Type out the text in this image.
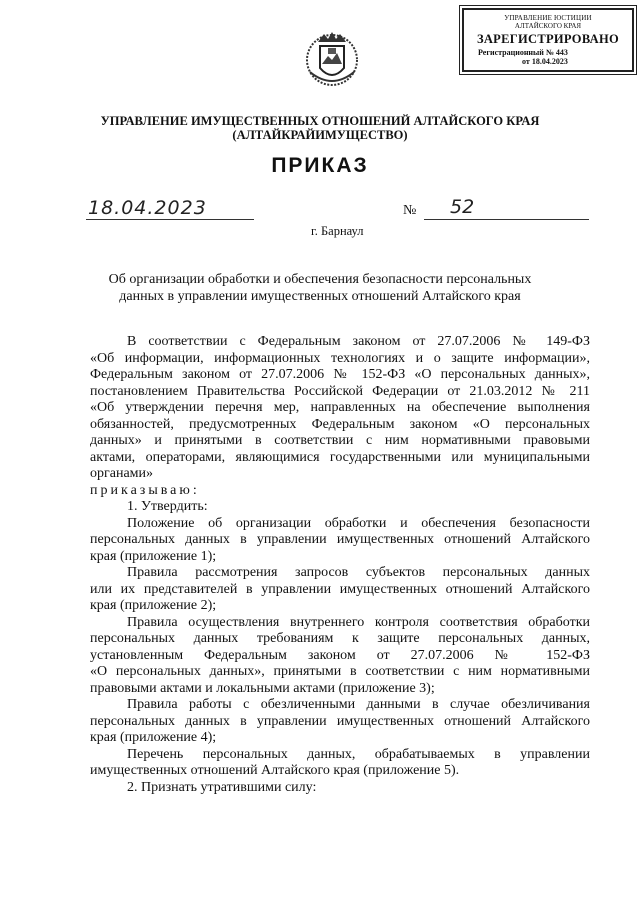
УПРАВЛЕНИЕ ЮСТИЦИИ
АЛТАЙСКОГО КРАЯ
ЗАРЕГИСТРИРОВАНО
Регистрационный № 443
от 18.04.2023
УПРАВЛЕНИЕ ИМУЩЕСТВЕННЫХ ОТНОШЕНИЙ АЛТАЙСКОГО КРАЯ
(АЛТАЙКРАЙИМУЩЕСТВО)
ПРИКАЗ
18.04.2023	№ 52
г. Барнаул
Об организации обработки и обеспечения безопасности персональных
данных в управлении имущественных отношений Алтайского края

В соответствии с Федеральным законом от 27.07.2006 № 149-ФЗ

«Об информации, информационных технологиях и о защите информации»,

Федеральным законом от 27.07.2006 № 152-ФЗ «О персональных данных»,

постановлением Правительства Российской Федерации от 21.03.2012 № 211

«Об утверждении перечня мер, направленных на обеспечение выполнения

обязанностей, предусмотренных Федеральным законом «О персональных

данных» и принятыми в соответствии с ним нормативными правовыми

актами, операторами, являющимися государственными или муниципальными

органами»

приказываю:

1. Утвердить:

Положение об организации обработки и обеспечения безопасности

персональных данных в управлении имущественных отношений Алтайского

края (приложение 1);

Правила рассмотрения запросов субъектов персональных данных

или их представителей в управлении имущественных отношений Алтайского

края (приложение 2);

Правила осуществления внутреннего контроля соответствия обработки

персональных данных требованиям к защите персональных данных,

установленным Федеральным законом от 27.07.2006 № 152-ФЗ

«О персональных данных», принятыми в соответствии с ним нормативными

правовыми актами и локальными актами (приложение 3);

Правила работы с обезличенными данными в случае обезличивания

персональных данных в управлении имущественных отношений Алтайского

края (приложение 4);

Перечень персональных данных, обрабатываемых в управлении

имущественных отношений Алтайского края (приложение 5).

2. Признать утратившими силу:
